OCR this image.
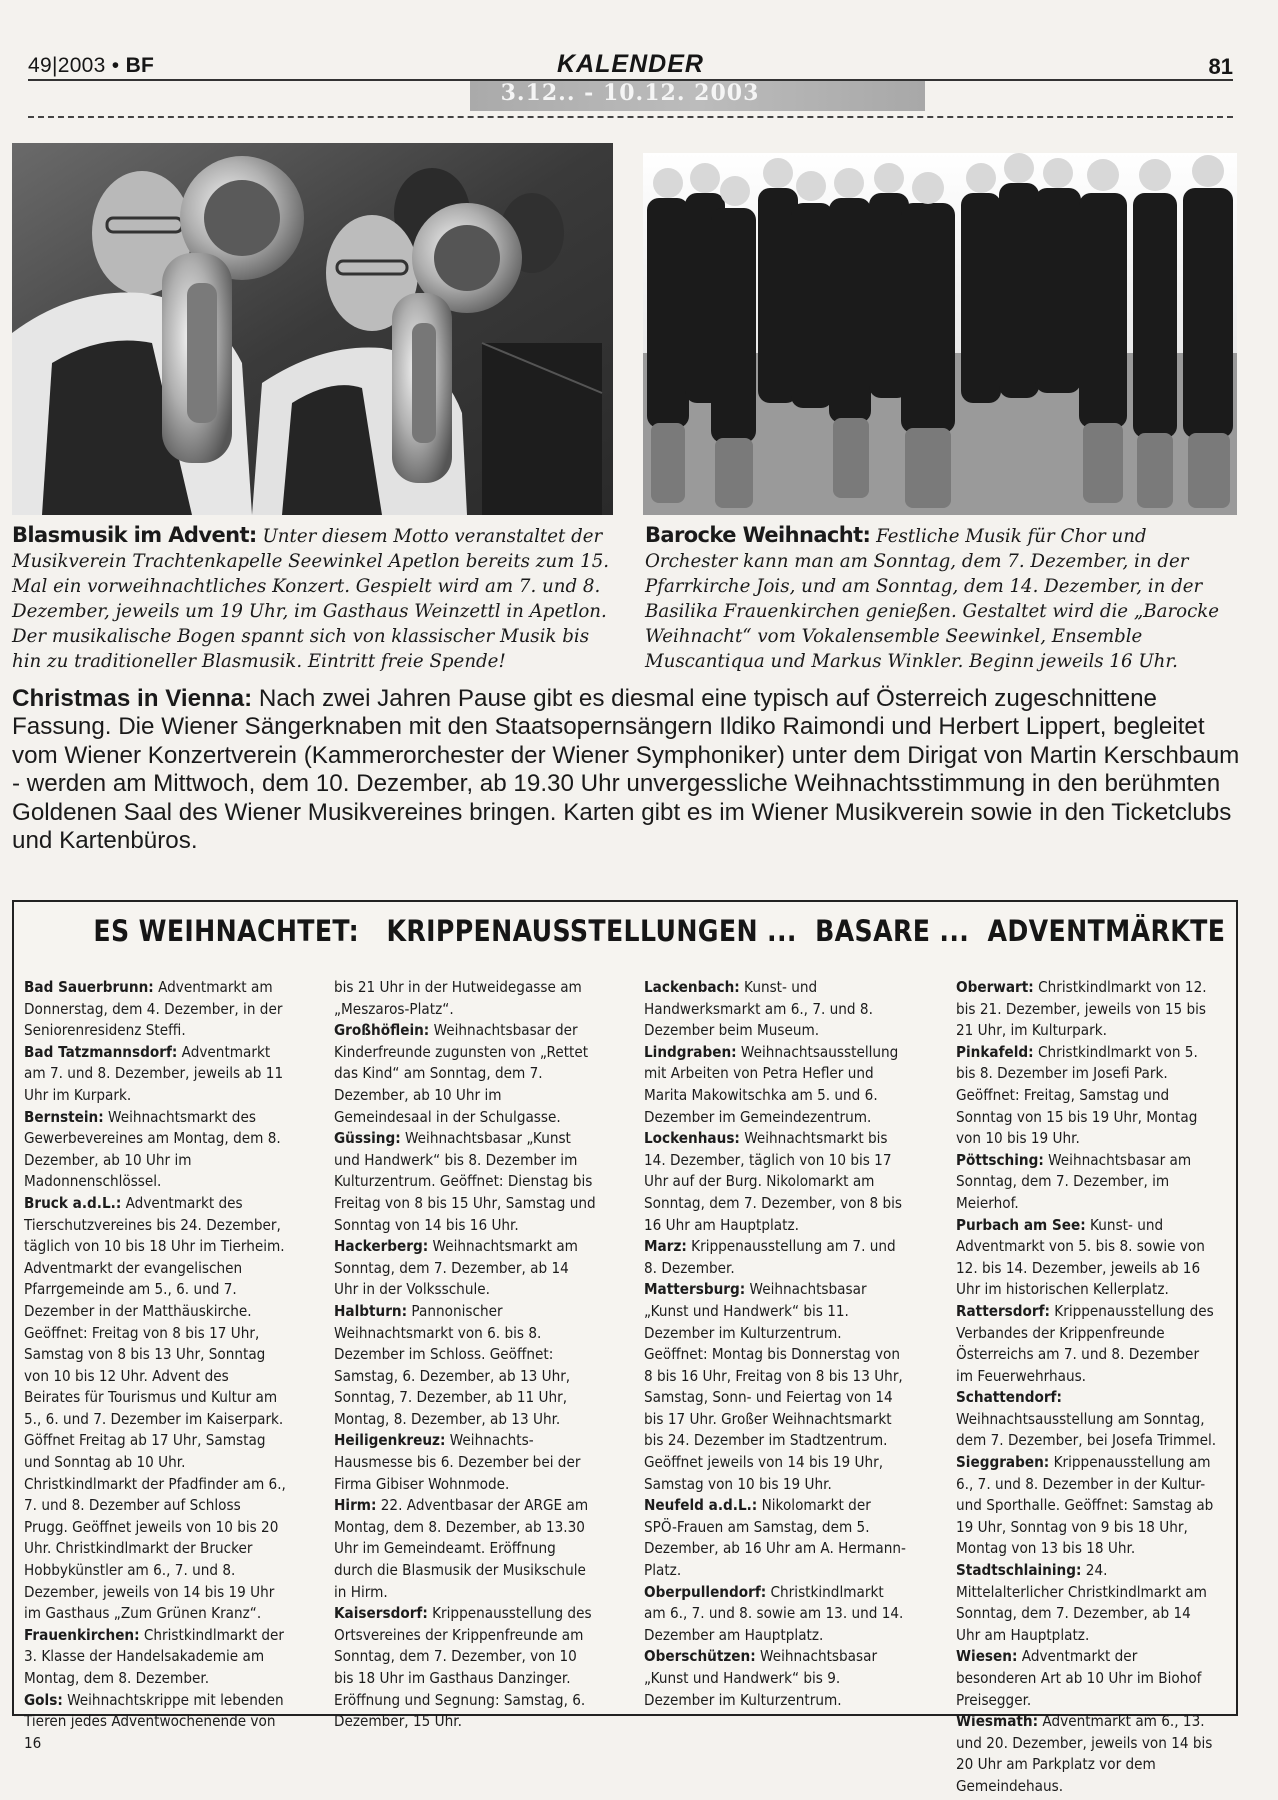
49|2003 • BF	KALENDER	81
3.12.. - 10.12. 2003
Blasmusik im Advent: Unter diesem Motto veranstaltet der Musikverein Trachtenkapelle Seewinkel Apetlon bereits zum 15. Mal ein vorweihnachtliches Konzert. Gespielt wird am 7. und 8. Dezember, jeweils um 19 Uhr, im Gasthaus Weinzettl in Apetlon. Der musikalische Bogen spannt sich von klassischer Musik bis hin zu traditioneller Blasmusik. Eintritt freie Spende!
Barocke Weihnacht: Festliche Musik für Chor und Orchester kann man am Sonntag, dem 7. Dezember, in der Pfarrkirche Jois, und am Sonntag, dem 14. Dezember, in der Basilika Frauenkirchen genießen. Gestaltet wird die „Barocke Weihnacht“ vom Vokalensemble Seewinkel, Ensemble Muscantiqua und Markus Winkler. Beginn jeweils 16 Uhr.
Christmas in Vienna: Nach zwei Jahren Pause gibt es diesmal eine typisch auf Österreich zugeschnittene Fassung. Die Wiener Sängerknaben mit den Staatsopernsängern Ildiko Raimondi und Herbert Lippert, begleitet vom Wiener Konzertverein (Kammerorchester der Wiener Symphoniker) unter dem Dirigat von Martin Kerschbaum - werden am Mittwoch, dem 10. Dezember, ab 19.30 Uhr unvergessliche Weihnachtsstimmung in den berühmten Goldenen Saal des Wiener Musikvereines bringen. Karten gibt es im Wiener Musikverein sowie in den Ticketclubs und Kartenbüros.
ES WEIHNACHTET:   KRIPPENAUSSTELLUNGEN ...  BASARE ...  ADVENTMÄRKTE

Bad Sauerbrunn: Adventmarkt am Donnerstag, dem 4. Dezember, in der Seniorenresidenz Steffi.

Bad Tatzmannsdorf: Adventmarkt am 7. und 8. Dezember, jeweils ab 11 Uhr im Kurpark.

Bernstein: Weihnachtsmarkt des Gewerbevereines am Montag, dem 8. Dezember, ab 10 Uhr im Madonnenschlössel.

Bruck a.d.L.: Adventmarkt des Tierschutzvereines bis 24. Dezember, täglich von 10 bis 18 Uhr im Tierheim. Adventmarkt der evangelischen Pfarrgemeinde am 5., 6. und 7. Dezember in der Matthäuskirche. Geöffnet: Freitag von 8 bis 17 Uhr, Samstag von 8 bis 13 Uhr, Sonntag von 10 bis 12 Uhr. Advent des Beirates für Tourismus und Kultur am 5., 6. und 7. Dezember im Kaiserpark. Göffnet Freitag ab 17 Uhr, Samstag und Sonntag ab 10 Uhr. Christkindlmarkt der Pfadfinder am 6., 7. und 8. Dezember auf Schloss Prugg. Geöffnet jeweils von 10 bis 20 Uhr. Christkindlmarkt der Brucker Hobbykünstler am 6., 7. und 8. Dezember, jeweils von 14 bis 19 Uhr im Gasthaus „Zum Grünen Kranz“.

Frauenkirchen: Christkindlmarkt der 3. Klasse der Handelsakademie am Montag, dem 8. Dezember.

Gols: Weihnachtskrippe mit lebenden Tieren jedes Adventwochenende von 16

bis 21 Uhr in der Hutweidegasse am „Meszaros-Platz“.

Großhöflein: Weihnachtsbasar der Kinderfreunde zugunsten von „Rettet das Kind“ am Sonntag, dem 7. Dezember, ab 10 Uhr im Gemeindesaal in der Schulgasse.

Güssing: Weihnachtsbasar „Kunst und Handwerk“ bis 8. Dezember im Kulturzentrum. Geöffnet: Dienstag bis Freitag von 8 bis 15 Uhr, Samstag und Sonntag von 14 bis 16 Uhr.

Hackerberg: Weihnachtsmarkt am Sonntag, dem 7. Dezember, ab 14 Uhr in der Volksschule.

Halbturn: Pannonischer Weihnachtsmarkt von 6. bis 8. Dezember im Schloss. Geöffnet: Samstag, 6. Dezember, ab 13 Uhr, Sonntag, 7. Dezember, ab 11 Uhr, Montag, 8. Dezember, ab 13 Uhr.

Heiligenkreuz: Weihnachts-Hausmesse bis 6. Dezember bei der Firma Gibiser Wohnmode.

Hirm: 22. Adventbasar der ARGE am Montag, dem 8. Dezember, ab 13.30 Uhr im Gemeindeamt. Eröffnung durch die Blasmusik der Musikschule in Hirm.

Kaisersdorf: Krippenausstellung des Ortsvereines der Krippenfreunde am Sonntag, dem 7. Dezember, von 10 bis 18 Uhr im Gasthaus Danzinger. Eröffnung und Segnung: Samstag, 6. Dezember, 15 Uhr.

Lackenbach: Kunst- und Handwerksmarkt am 6., 7. und 8. Dezember beim Museum.

Lindgraben: Weihnachtsausstellung mit Arbeiten von Petra Hefler und Marita Makowitschka am 5. und 6. Dezember im Gemeindezentrum.

Lockenhaus: Weihnachtsmarkt bis 14. Dezember, täglich von 10 bis 17 Uhr auf der Burg. Nikolomarkt am Sonntag, dem 7. Dezember, von 8 bis 16 Uhr am Hauptplatz.

Marz: Krippenausstellung am 7. und 8. Dezember.

Mattersburg: Weihnachtsbasar „Kunst und Handwerk“ bis 11. Dezember im Kulturzentrum. Geöffnet: Montag bis Donnerstag von 8 bis 16 Uhr, Freitag von 8 bis 13 Uhr, Samstag, Sonn- und Feiertag von 14 bis 17 Uhr. Großer Weihnachtsmarkt bis 24. Dezember im Stadtzentrum. Geöffnet jeweils von 14 bis 19 Uhr, Samstag von 10 bis 19 Uhr.

Neufeld a.d.L.: Nikolomarkt der SPÖ-Frauen am Samstag, dem 5. Dezember, ab 16 Uhr am A. Hermann-Platz.

Oberpullendorf: Christkindlmarkt am 6., 7. und 8. sowie am 13. und 14. Dezember am Hauptplatz.

Oberschützen: Weihnachtsbasar „Kunst und Handwerk“ bis 9. Dezember im Kulturzentrum.

Oberwart: Christkindlmarkt von 12. bis 21. Dezember, jeweils von 15 bis 21 Uhr, im Kulturpark.

Pinkafeld: Christkindlmarkt von 5. bis 8. Dezember im Josefi Park. Geöffnet: Freitag, Samstag und Sonntag von 15 bis 19 Uhr, Montag von 10 bis 19 Uhr.

Pöttsching: Weihnachtsbasar am Sonntag, dem 7. Dezember, im Meierhof.

Purbach am See: Kunst- und Adventmarkt von 5. bis 8. sowie von 12. bis 14. Dezember, jeweils ab 16 Uhr im historischen Kellerplatz.

Rattersdorf: Krippenausstellung des Verbandes der Krippenfreunde Österreichs am 7. und 8. Dezember im Feuerwehrhaus.

Schattendorf: Weihnachtsausstellung am Sonntag, dem 7. Dezember, bei Josefa Trimmel.

Sieggraben: Krippenausstellung am 6., 7. und 8. Dezember in der Kultur- und Sporthalle. Geöffnet: Samstag ab 19 Uhr, Sonntag von 9 bis 18 Uhr, Montag von 13 bis 18 Uhr.

Stadtschlaining: 24. Mittelalterlicher Christkindlmarkt am Sonntag, dem 7. Dezember, ab 14 Uhr am Hauptplatz.

Wiesen: Adventmarkt der besonderen Art ab 10 Uhr im Biohof Preisegger.

Wiesmath: Adventmarkt am 6., 13. und 20. Dezember, jeweils von 14 bis 20 Uhr am Parkplatz vor dem Gemeindehaus.
